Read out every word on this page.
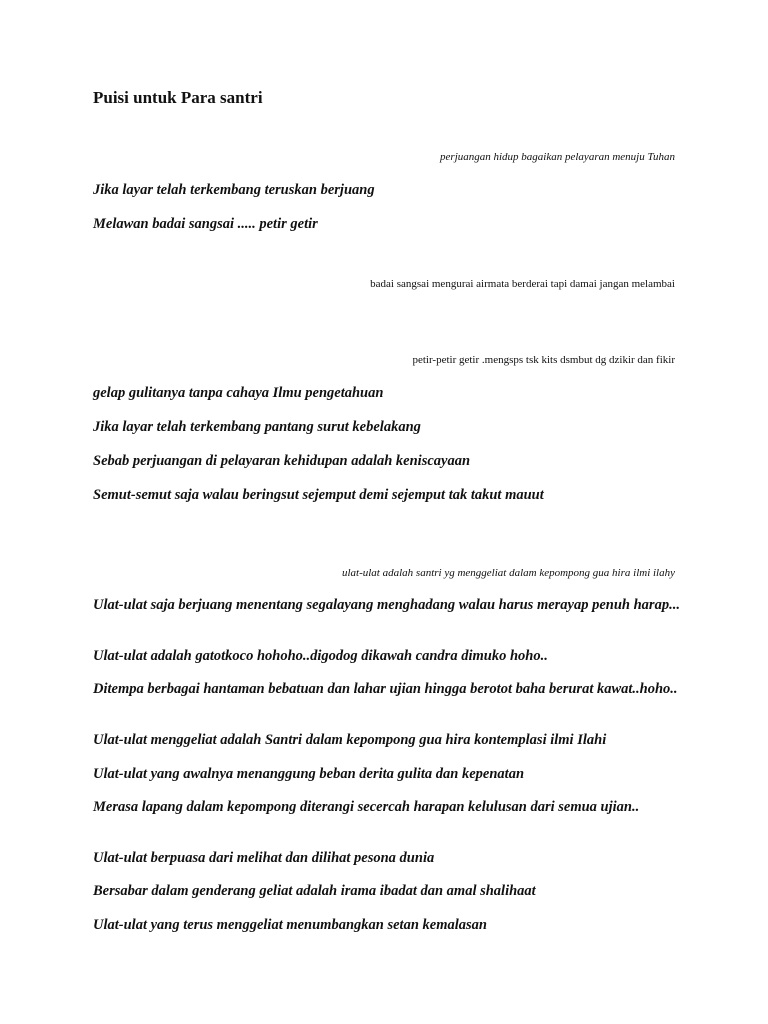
Puisi untuk Para santri

perjuangan hidup bagaikan pelayaran menuju Tuhan

Jika layar telah terkembang teruskan berjuang

Melawan badai sangsai ..... petir getir

badai sangsai mengurai airmata berderai tapi damai jangan melambai

petir-petir getir .mengsps tsk kits dsmbut dg dzikir dan fikir

gelap gulitanya tanpa cahaya Ilmu pengetahuan

Jika layar telah terkembang pantang surut kebelakang

Sebab perjuangan di pelayaran kehidupan adalah keniscayaan

Semut-semut saja walau beringsut sejemput demi sejemput tak takut mauut

ulat-ulat adalah santri yg menggeliat dalam kepompong gua hira ilmi ilahy

Ulat-ulat saja berjuang menentang segalayang menghadang walau harus merayap penuh harap...

Ulat-ulat adalah gatotkoco hohoho..digodog dikawah candra dimuko hoho..

Ditempa berbagai hantaman bebatuan dan lahar ujian hingga berotot baha berurat kawat..hoho..

Ulat-ulat menggeliat adalah Santri dalam kepompong gua hira kontemplasi ilmi Ilahi

Ulat-ulat yang awalnya menanggung beban derita gulita dan kepenatan

Merasa lapang dalam kepompong diterangi secercah harapan kelulusan dari semua ujian..

Ulat-ulat berpuasa dari melihat dan dilihat pesona dunia

Bersabar dalam genderang geliat adalah irama ibadat dan amal shalihaat

Ulat-ulat yang terus menggeliat menumbangkan setan kemalasan
